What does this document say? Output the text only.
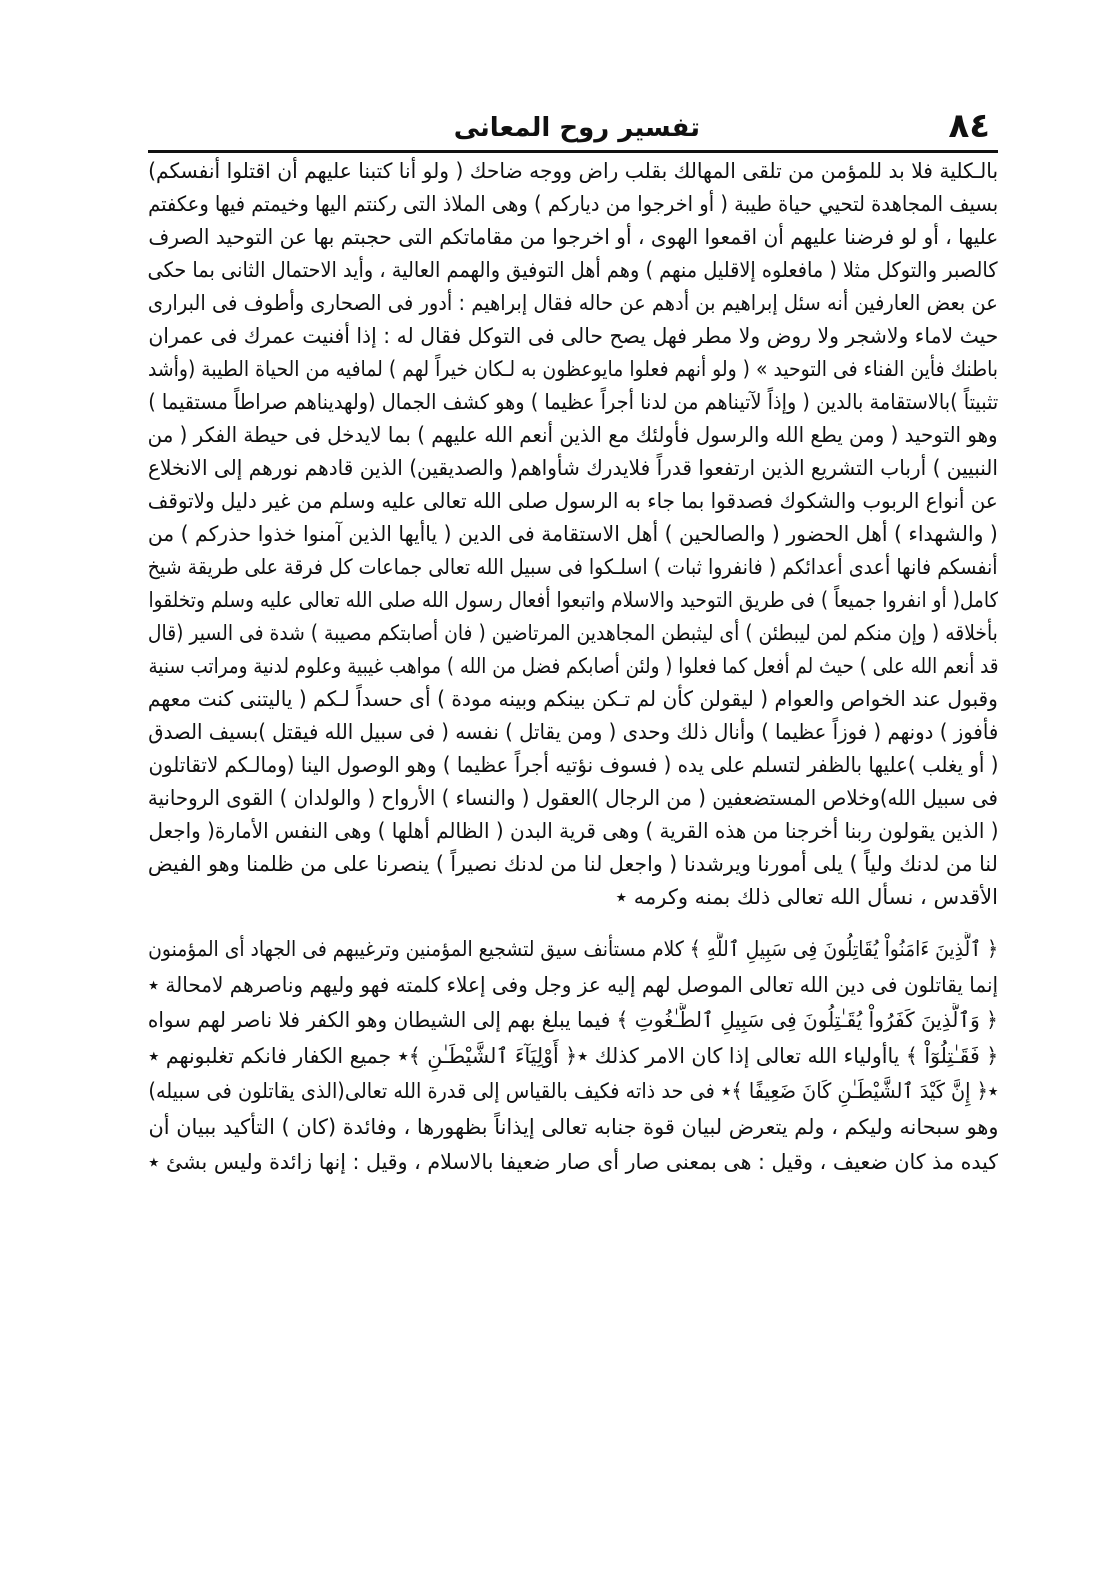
٨٤
تفسير روح المعانى
بالـكلية فلا بد للمؤمن من تلقى المهالك بقلب راض ووجه ضاحك ( ولو أنا كتبنا عليهم أن اقتلوا أنفسكم)
بسيف المجاهدة لتحيي حياة طيبة ( أو اخرجوا من دياركم ) وهى الملاذ التى ركنتم اليها وخيمتم فيها وعكفتم
عليها ، أو لو فرضنا عليهم أن اقمعوا الهوى ، أو اخرجوا من مقاماتكم التى حجبتم بها عن التوحيد الصرف
كالصبر والتوكل مثلا ( مافعلوه إلاقليل منهم ) وهم أهل التوفيق والهمم العالية ، وأيد الاحتمال الثانى بما حكى
عن بعض العارفين أنه سئل إبراهيم بن أدهم عن حاله فقال إبراهيم : أدور فى الصحارى وأطوف فى البرارى
حيث لاماء ولاشجر ولا روض ولا مطر فهل يصح حالى فى التوكل فقال له : إذا أفنيت عمرك فى عمران
باطنك فأين الفناء فى التوحيد » ( ولو أنهم فعلوا مايوعظون به لـكان خيراً لهم ) لمافيه من الحياة الطيبة (وأشد
تثبيتاً )بالاستقامة بالدين ( وإذاً لآتيناهم من لدنا أجراً عظيما ) وهو كشف الجمال (ولهديناهم صراطاً مستقيما )
وهو التوحيد ( ومن يطع الله والرسول فأولئك مع الذين أنعم الله عليهم ) بما لايدخل فى حيطة الفكر ( من
النبيين ) أرباب التشريع الذين ارتفعوا قدراً فلايدرك شأواهم( والصديقين) الذين قادهم نورهم إلى الانخلاع
عن أنواع الربوب والشكوك فصدقوا بما جاء به الرسول صلى الله تعالى عليه وسلم من غير دليل ولاتوقف
( والشهداء ) أهل الحضور ( والصالحين ) أهل الاستقامة فى الدين ( ياأيها الذين آمنوا خذوا حذركم ) من
أنفسكم فانها أعدى أعدائكم ( فانفروا ثبات ) اسلـكوا فى سبيل الله تعالى جماعات كل فرقة على طريقة شيخ
كامل( أو انفروا جميعاً ) فى طريق التوحيد والاسلام واتبعوا أفعال رسول الله صلى الله تعالى عليه وسلم وتخلقوا
بأخلاقه ( وإن منكم لمن ليبطئن ) أى ليثبطن المجاهدين المرتاضين ( فان أصابتكم مصيبة ) شدة فى السير (قال
قد أنعم الله على ) حيث لم أفعل كما فعلوا ( ولئن أصابكم فضل من الله ) مواهب غيبية وعلوم لدنية ومراتب سنية
وقبول عند الخواص والعوام ( ليقولن كأن لم تـكن بينكم وبينه مودة ) أى حسداً لـكم ( ياليتنى كنت معهم
فأفوز ) دونهم ( فوزاً عظيما ) وأنال ذلك وحدى ( ومن يقاتل ) نفسه ( فى سبيل الله فيقتل )بسيف الصدق
( أو يغلب )عليها بالظفر لتسلم على يده ( فسوف نؤتيه أجراً عظيما ) وهو الوصول الينا (ومالـكم لاتقاتلون
فى سبيل الله)وخلاص المستضعفين ( من الرجال )العقول ( والنساء ) الأرواح ( والولدان ) القوى الروحانية
( الذين يقولون ربنا أخرجنا من هذه القرية ) وهى قرية البدن ( الظالم أهلها ) وهى النفس الأمارة( واجعل
لنا من لدنك ولياً ) يلى أمورنا ويرشدنا ( واجعل لنا من لدنك نصيراً ) ينصرنا على من ظلمنا وهو الفيض
الأقدس ، نسأل الله تعالى ذلك بمنه وكرمه ٭
﴿ ٱلَّذِينَ ءَامَنُواْ يُقَاتِلُونَ فِى سَبِيلِ ٱللَّهِ ﴾ كلام مستأنف سيق لتشجيع المؤمنين وترغيبهم فى الجهاد أى المؤمنون
إنما يقاتلون فى دين الله تعالى الموصل لهم إليه عز وجل وفى إعلاء كلمته فهو وليهم وناصرهم لامحالة ٭
﴿ وَٱلَّذِينَ كَفَرُواْ يُقَـٰتِلُونَ فِى سَبِيلِ ٱلطَّـٰغُوتِ ﴾ فيما يبلغ بهم إلى الشيطان وهو الكفر فلا ناصر لهم سواه
﴿ فَقَـٰتِلُوٓاْ ﴾ ياأولياء الله تعالى إذا كان الامر كذلك ٭﴿ أَوْلِيَآءَ ٱلشَّيْطَـٰنِ ﴾٭ جميع الكفار فانكم تغلبونهم ٭
٭﴿ إِنَّ كَيْدَ ٱلشَّيْطَـٰنِ كَانَ ضَعِيفًا ﴾٭ فى حد ذاته فكيف بالقياس إلى قدرة الله تعالى(الذى يقاتلون فى سبيله)
وهو سبحانه وليكم ، ولم يتعرض لبيان قوة جنابه تعالى إيذاناً بظهورها ، وفائدة (كان ) التأكيد ببيان أن
كيده مذ كان ضعيف ، وقيل : هى بمعنى صار أى صار ضعيفا بالاسلام ، وقيل : إنها زائدة وليس بشئ ٭
